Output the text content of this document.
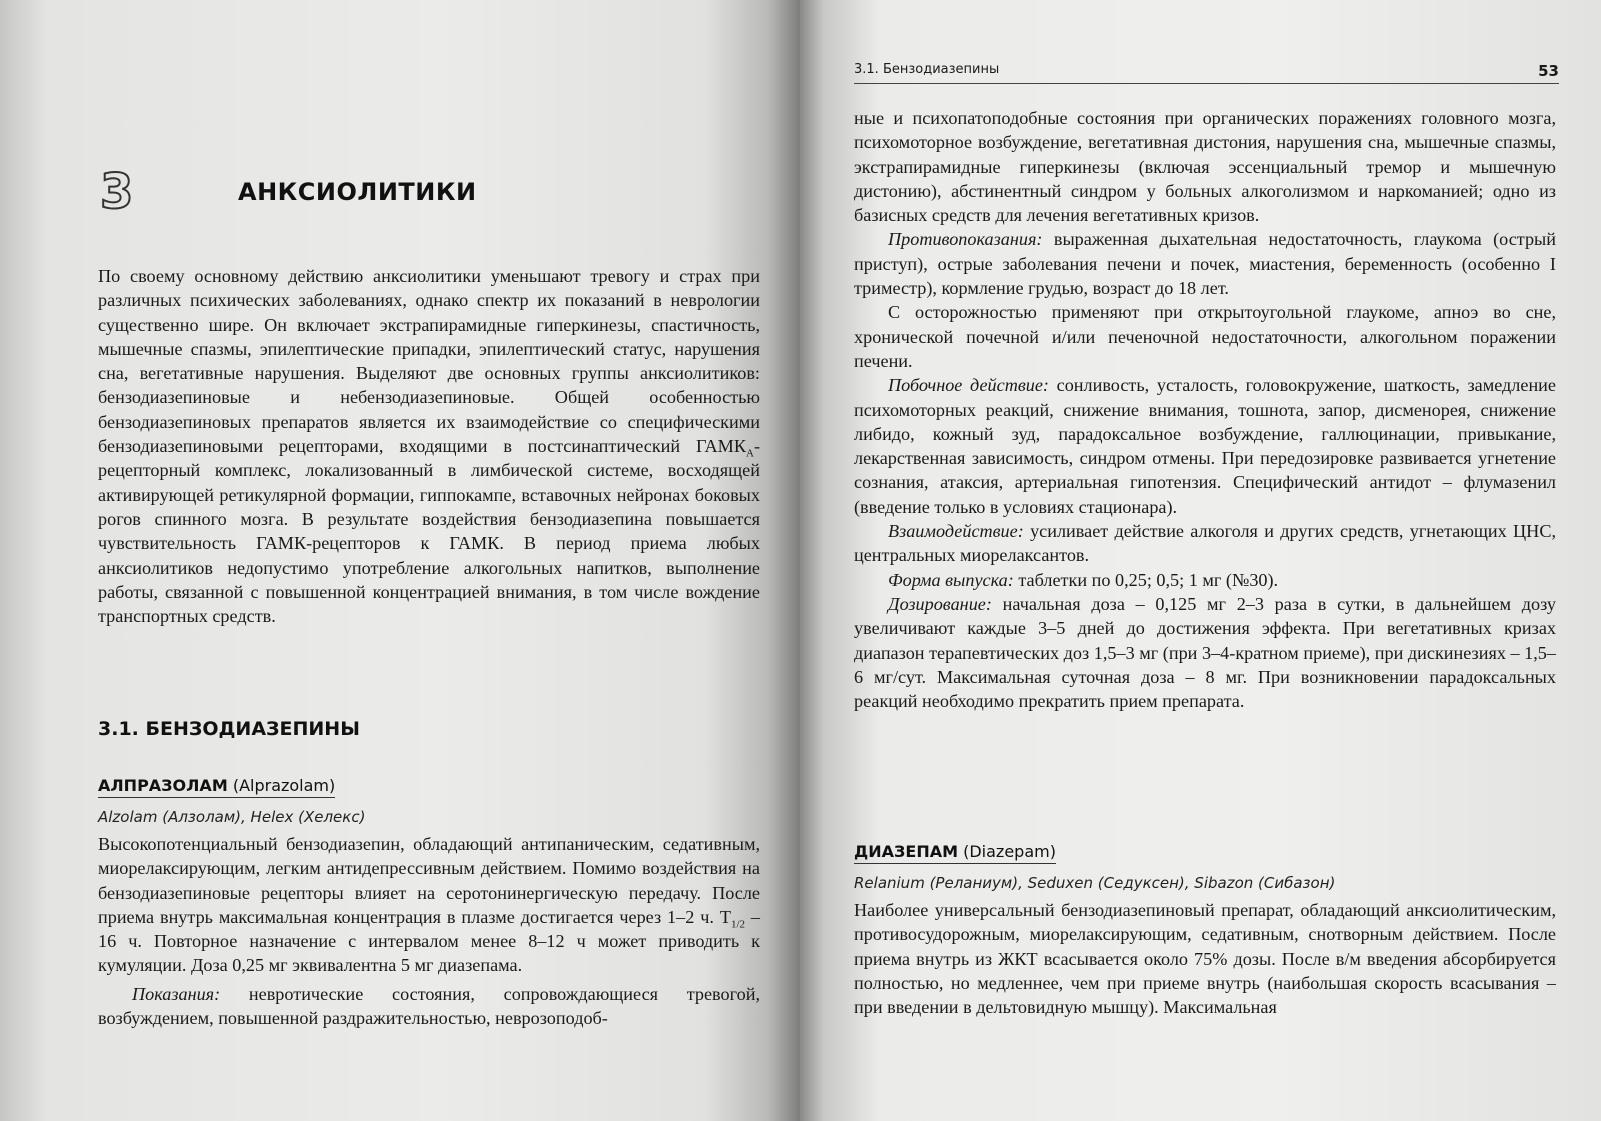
3	АНКСИОЛИТИКИ

По своему основному действию анксиолитики уменьшают тревогу и страх при различных психических заболеваниях, однако спектр их показаний в неврологии существенно шире. Он включает экстрапирамидные гиперкинезы, спастичность, мышечные спазмы, эпилептические припадки, эпилептический статус, нарушения сна, вегетативные нарушения. Выделяют две основных группы анксиолитиков: бензодиазепиновые и небензодиазепиновые. Общей особенностью бензодиазепиновых препаратов является их взаимодействие со специфическими бензодиазепиновыми рецепторами, входящими в постсинаптический $ГАМК_А$-рецепторный комплекс, локализованный в лимбической системе, восходящей активирующей ретикулярной формации, гиппокампе, вставочных нейронах боковых рогов спинного мозга. В результате воздействия бензодиазепина повышается чувствительность ГАМК-рецепторов к ГАМК. В период приема любых анксиолитиков недопустимо употребление алкогольных напитков, выполнение работы, связанной с повышенной концентрацией внимания, в том числе вождение транспортных средств.

3.1. БЕНЗОДИАЗЕПИНЫ
АЛПРАЗОЛАМ (Alprazolam)
Alzolam (Алзолам), Helex (Хелекс)

Высокопотенциальный бензодиазепин, обладающий антипаническим, седативным, миорелаксирующим, легким антидепрессивным действием. Помимо воздействия на бензодиазепиновые рецепторы влияет на серотонинергическую передачу. После приема внутрь максимальная концентрация в плазме достигается через 1–2 ч. $T_{1/2} - 16$ ч. Повторное назначение с интервалом менее 8–12 ч может приводить к кумуляции. Доза 0,25 мг эквивалентна 5 мг диазепама.

Показания: невротические состояния, сопровождающиеся тревогой, возбуждением, повышенной раздражительностью, неврозоподоб-

3.1. Бензодиазепины	53

ные и психопатоподобные состояния при органических поражениях головного мозга, психомоторное возбуждение, вегетативная дистония, нарушения сна, мышечные спазмы, экстрапирамидные гиперкинезы (включая эссенциальный тремор и мышечную дистонию), абстинентный синдром у больных алкоголизмом и наркоманией; одно из базисных средств для лечения вегетативных кризов.

Противопоказания: выраженная дыхательная недостаточность, глаукома (острый приступ), острые заболевания печени и почек, миастения, беременность (особенно I триместр), кормление грудью, возраст до 18 лет.

С осторожностью применяют при открытоугольной глаукоме, апноэ во сне, хронической почечной и/или печеночной недостаточности, алкогольном поражении печени.

Побочное действие: сонливость, усталость, головокружение, шаткость, замедление психомоторных реакций, снижение внимания, тошнота, запор, дисменорея, снижение либидо, кожный зуд, парадоксальное возбуждение, галлюцинации, привыкание, лекарственная зависимость, синдром отмены. При передозировке развивается угнетение сознания, атаксия, артериальная гипотензия. Специфический антидот – флумазенил (введение только в условиях стационара).

Взаимодействие: усиливает действие алкоголя и других средств, угнетающих ЦНС, центральных миорелаксантов.

Форма выпуска: таблетки по 0,25; 0,5; 1 мг (№30).

Дозирование: начальная доза – 0,125 мг 2–3 раза в сутки, в дальнейшем дозу увеличивают каждые 3–5 дней до достижения эффекта. При вегетативных кризах диапазон терапевтических доз 1,5–3 мг (при 3–4-кратном приеме), при дискинезиях – 1,5–6 мг/сут. Максимальная суточная доза – 8 мг. При возникновении парадоксальных реакций необходимо прекратить прием препарата.

ДИАЗЕПАМ (Diazepam)
Relanium (Реланиум), Seduxen (Седуксен), Sibazon (Сибазон)

Наиболее универсальный бензодиазепиновый препарат, обладающий анксиолитическим, противосудорожным, миорелаксирующим, седативным, снотворным действием. После приема внутрь из ЖКТ всасывается около 75% дозы. После в/м введения абсорбируется полностью, но медленнее, чем при приеме внутрь (наибольшая скорость всасывания – при введении в дельтовидную мышцу). Максимальная
